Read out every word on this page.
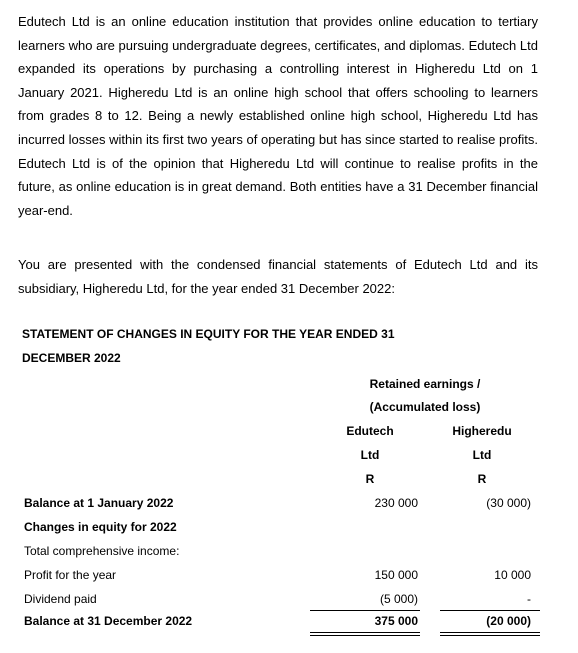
Edutech Ltd is an online education institution that provides online education to tertiary learners who are pursuing undergraduate degrees, certificates, and diplomas. Edutech Ltd expanded its operations by purchasing a controlling interest in Higheredu Ltd on 1 January 2021. Higheredu Ltd is an online high school that offers schooling to learners from grades 8 to 12. Being a newly established online high school, Higheredu Ltd has incurred losses within its first two years of operating but has since started to realise profits. Edutech Ltd is of the opinion that Higheredu Ltd will continue to realise profits in the future, as online education is in great demand. Both entities have a 31 December financial year-end.

You are presented with the condensed financial statements of Edutech Ltd and its subsidiary, Higheredu Ltd, for the year ended 31 December 2022:

STATEMENT OF CHANGES IN EQUITY FOR THE YEAR ENDED 31
DECEMBER 2022
Retained earnings /
(Accumulated loss)
Edutech
Ltd
R
Higheredu
Ltd
R
Balance at 1 January 2022	230 000	(30 000)
Changes in equity for 2022
Total comprehensive income:
Profit for the year	150 000	10 000
Dividend paid	(5 000)	-
Balance at 31 December 2022	375 000	(20 000)
